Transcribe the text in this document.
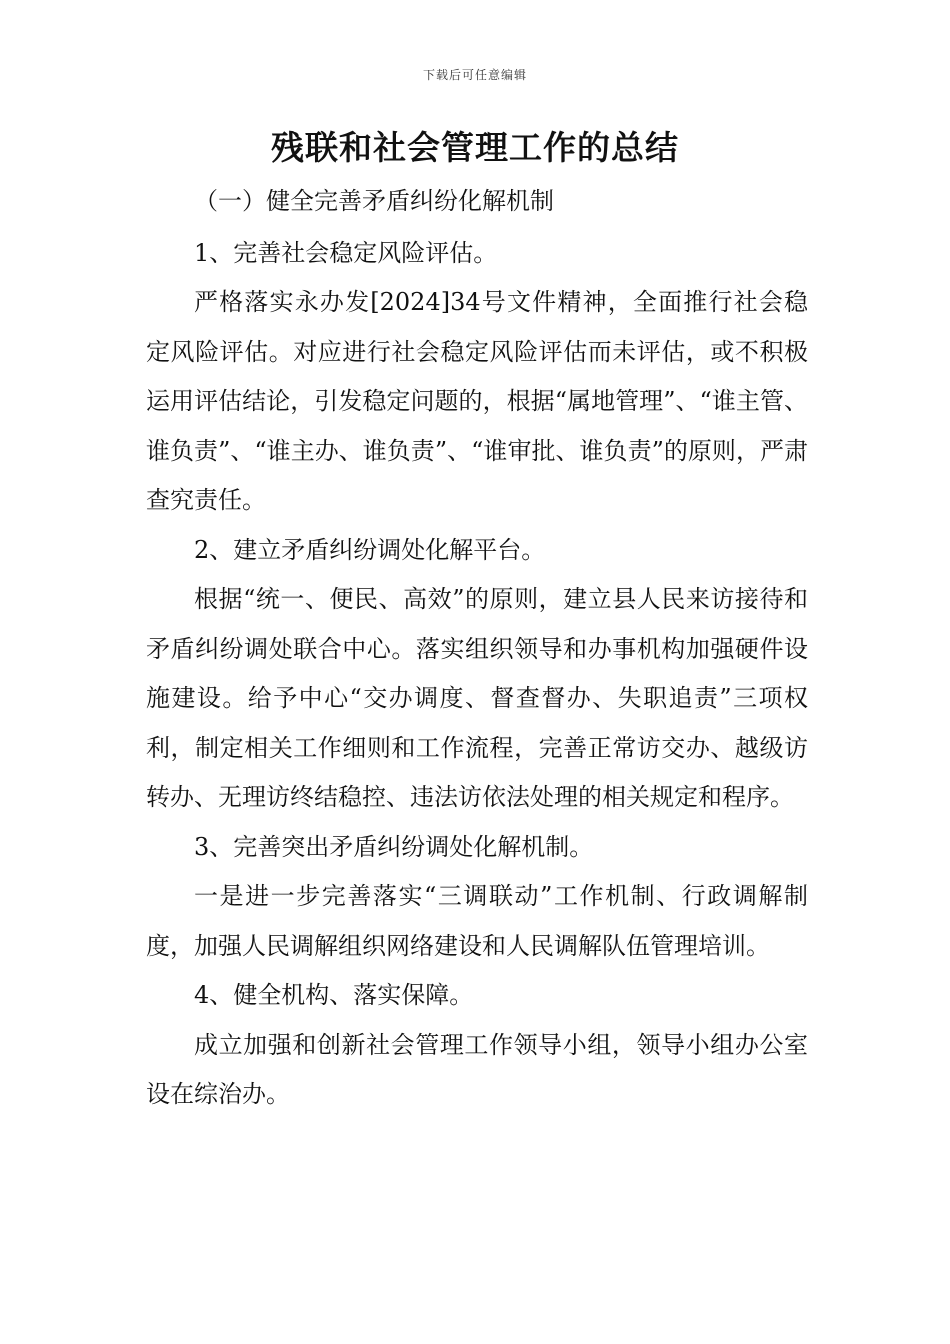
下载后可任意编辑
残联和社会管理工作的总结

（一）健全完善矛盾纠纷化解机制

1、完善社会稳定风险评估。

严格落实永办发[2024]34号文件精神，全面推行社会稳定风险评估。对应进行社会稳定风险评估而未评估，或不积极运用评估结论，引发稳定问题的，根据“属地管理”、“谁主管、谁负责”、“谁主办、谁负责”、“谁审批、谁负责”的原则，严肃查究责任。

2、建立矛盾纠纷调处化解平台。

根据“统一、便民、高效”的原则，建立县人民来访接待和矛盾纠纷调处联合中心。落实组织领导和办事机构加强硬件设施建设。给予中心“交办调度、督查督办、失职追责”三项权利，制定相关工作细则和工作流程，完善正常访交办、越级访转办、无理访终结稳控、违法访依法处理的相关规定和程序。

3、完善突出矛盾纠纷调处化解机制。

一是进一步完善落实“三调联动”工作机制、行政调解制度，加强人民调解组织网络建设和人民调解队伍管理培训。

4、健全机构、落实保障。

成立加强和创新社会管理工作领导小组，领导小组办公室设在综治办。
